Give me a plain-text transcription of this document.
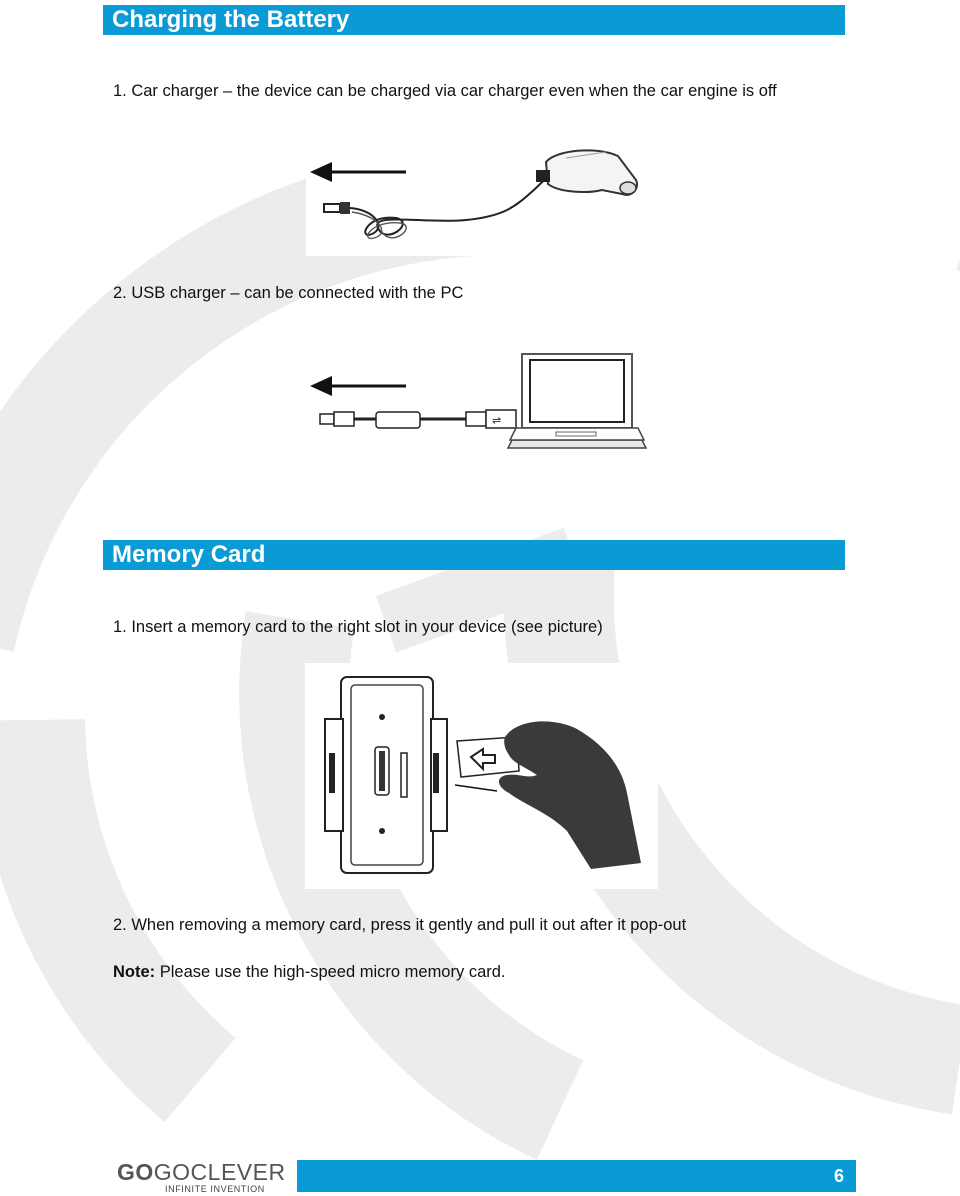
Charging the Battery
1. Car charger – the device can be charged via car charger even when the car engine is off
2. USB charger – can be connected with the PC
⇌
Memory Card
1. Insert a memory card to the right slot in your device (see picture)
2. When removing a memory card, press it gently and pull it out after it pop-out
Note: Please use the high-speed micro memory card.
GOGOCLEVER
INFINITE INVENTION
6
